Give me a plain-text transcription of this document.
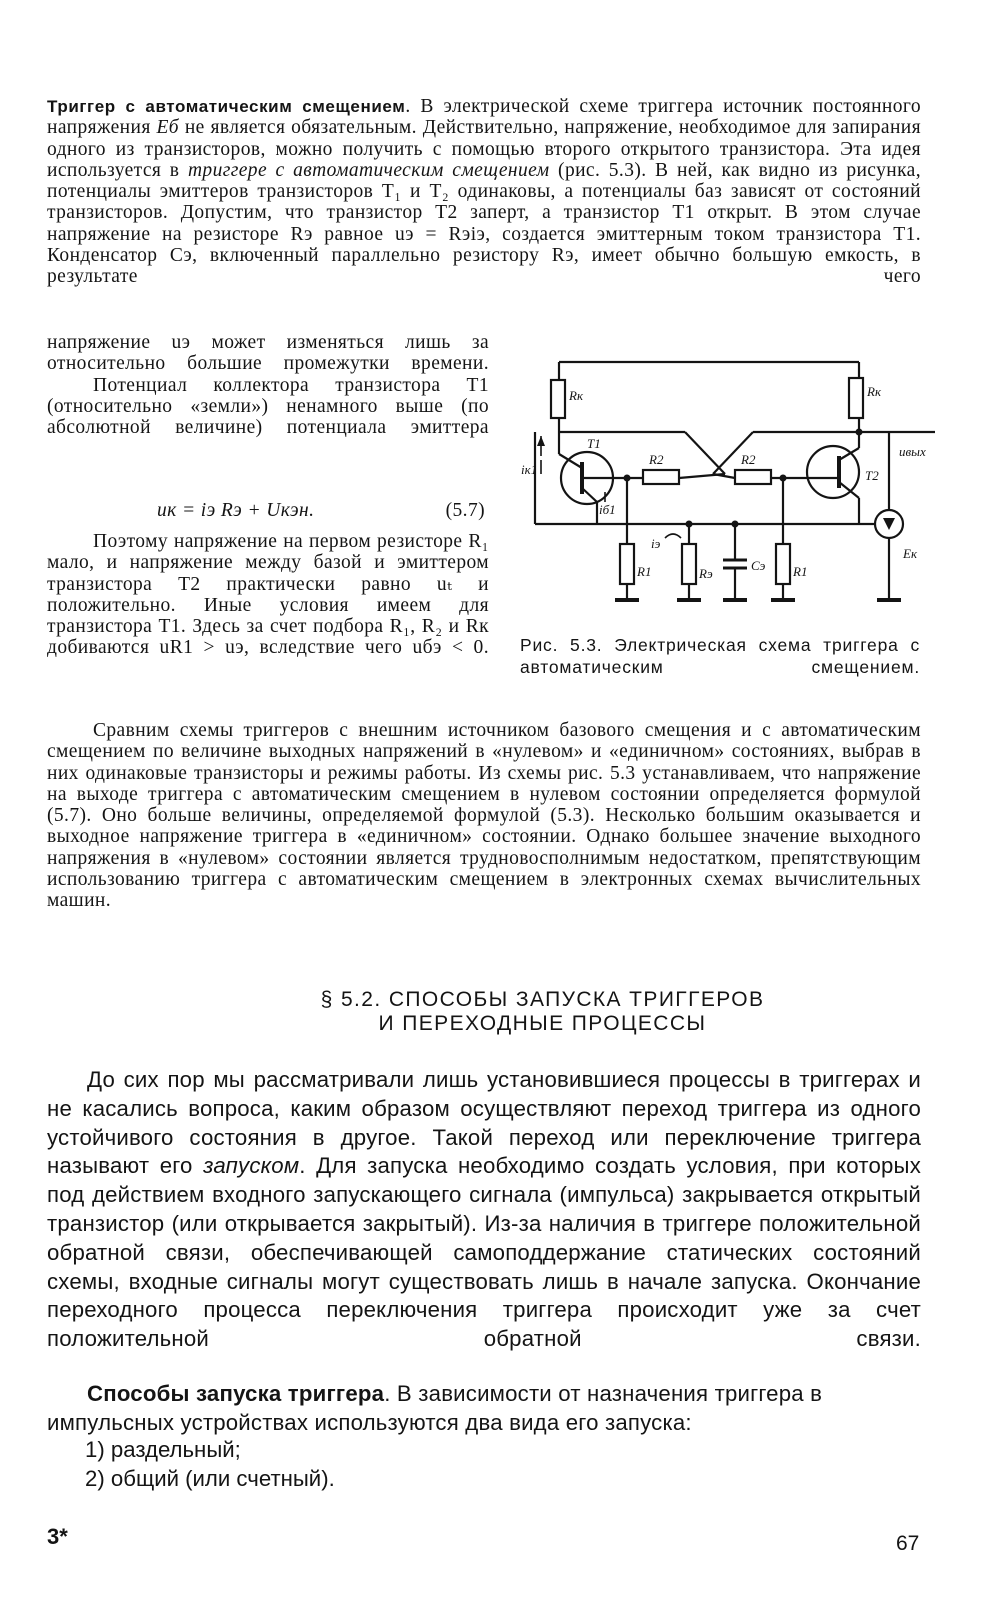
Триггер с автоматическим смещением. В электрической схеме триггера источник постоянного напряжения Eб не является обязательным. Действительно, напряжение, необходимое для запирания одного из транзисторов, можно получить с помощью второго открытого транзистора. Эта идея используется в триггере с автоматическим смещением (рис. 5.3). В ней, как видно из рисунка, потенциалы эмиттеров транзисторов T₁ и T₂ одинаковы, а потенциалы баз зависят от состояний транзисторов. Допустим, что транзистор T2 заперт, а транзистор T1 открыт. В этом случае напряжение на резисторе Rэ равное uэ = Rэiэ, создается эмиттерным током транзистора T1. Конденсатор Cэ, включенный параллельно резистору Rэ, имеет обычно большую емкость, в результате чего

напряжение uэ может изменяться лишь за относительно большие промежутки времени.
Потенциал коллектора транзистора T1 (относительно «земли») ненамного выше (по абсолютной величине) потенциала эмиттера

uк = iэ Rэ + Uкэн.	(5.7)

Поэтому напряжение на первом резисторе R₁ мало, и напряжение между базой и эмиттером транзистора T2 практически равно uₜ и положительно. Иные условия имеем для транзистора T1. Здесь за счет подбора R₁, R₂ и Rк добиваются uR1 > uэ, вследствие чего uбэ < 0.

Rк	Rк
T1
T2
R2	R2
iк1
iб1
iэ
R1	Rэ
Cэ R1
Eк
uвых
Рис. 5.3. Электрическая схема триггера с автоматическим смещением.

Сравним схемы триггеров с внешним источником базового смещения и с автоматическим смещением по величине выходных напряжений в «нулевом» и «единичном» состояниях, выбрав в них одинаковые транзисторы и режимы работы. Из схемы рис. 5.3 устанавливаем, что напряжение на выходе триггера с автоматическим смещением в нулевом состоянии определяется формулой (5.7). Оно больше величины, определяемой формулой (5.3). Несколько большим оказывается и выходное напряжение триггера в «единичном» состоянии. Однако большее значение выходного напряжения в «нулевом» состоянии является трудновосполнимым недостатком, препятствующим использованию триггера с автоматическим смещением в электронных схемах вычислительных машин.

§ 5.2. СПОСОБЫ ЗАПУСКА ТРИГГЕРОВ
И ПЕРЕХОДНЫЕ ПРОЦЕССЫ

До сих пор мы рассматривали лишь установившиеся процессы в триггерах и не касались вопроса, каким образом осуществляют переход триггера из одного устойчивого состояния в другое. Такой переход или переключение триггера называют его запуском. Для запуска необходимо создать условия, при которых под действием входного запускающего сигнала (импульса) закрывается открытый транзистор (или открывается закрытый). Из-за наличия в триггере положительной обратной связи, обеспечивающей самоподдержание статических состояний схемы, входные сигналы могут существовать лишь в начале запуска. Окончание переходного процесса переключения триггера происходит уже за счет положительной обратной связи.

Способы запуска триггера. В зависимости от назначения триггера в импульсных устройствах используются два вида его запуска:

1) раздельный;
2) общий (или счетный).
3*	67
